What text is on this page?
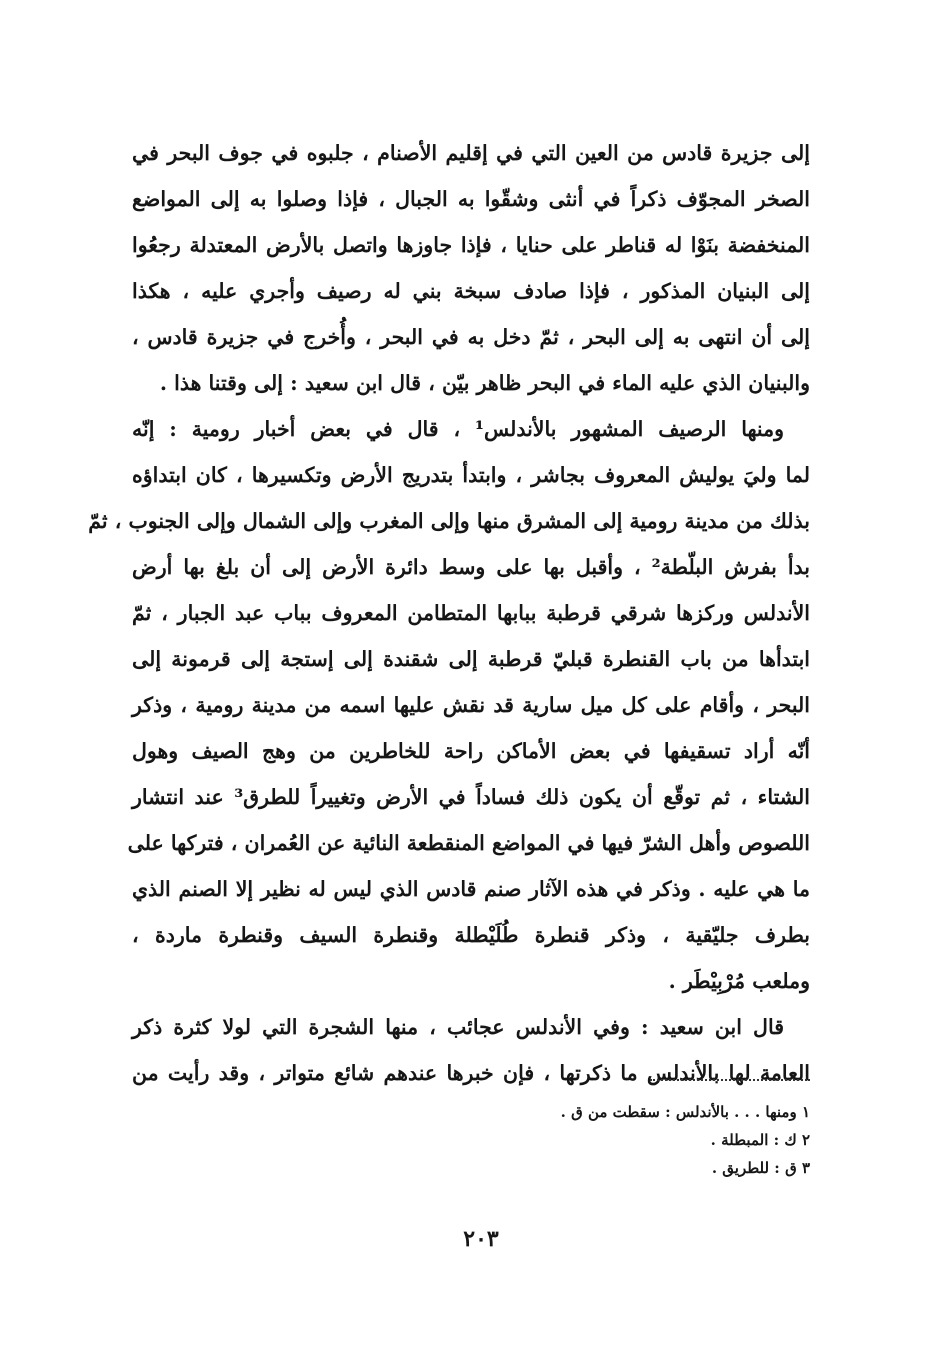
إلى جزيرة قادس من العين التي في إقليم الأصنام ، جلبوه في جوف البحر في
الصخر المجوّف ذكراً في أنثى وشقّوا به الجبال ، فإذا وصلوا به إلى المواضع
المنخفضة بنَوْا له قناطر على حنايا ، فإذا جاوزها واتصل بالأرض المعتدلة رجعُوا
إلى البنيان المذكور ، فإذا صادف سبخة بني له رصيف وأجري عليه ، هكذا
إلى أن انتهى به إلى البحر ، ثمّ دخل به في البحر ، وأُخرج في جزيرة قادس ،
والبنيان الذي عليه الماء في البحر ظاهر بيّن ، قال ابن سعيد : إلى وقتنا هذا .
ومنها الرصيف المشهور بالأندلس¹ ، قال في بعض أخبار رومية : إنّه
لما وليَ يوليش المعروف بجاشر ، وابتدأ بتدريج الأرض وتكسيرها ، كان ابتداؤه
بذلك من مدينة رومية إلى المشرق منها وإلى المغرب وإلى الشمال وإلى الجنوب ، ثمّ
بدأ بفرش البلّطة² ، وأقبل بها على وسط دائرة الأرض إلى أن بلغ بها أرض
الأندلس وركزها شرقي قرطبة ببابها المتطامن المعروف بباب عبد الجبار ، ثمّ
ابتدأها من باب القنطرة قبليّ قرطبة إلى شقندة إلى إستجة إلى قرمونة إلى
البحر ، وأقام على كل ميل سارية قد نقش عليها اسمه من مدينة رومية ، وذكر
أنّه أراد تسقيفها في بعض الأماكن راحة للخاطرين من وهج الصيف وهول
الشتاء ، ثم توقّع أن يكون ذلك فساداً في الأرض وتغييراً للطرق³ عند انتشار
اللصوص وأهل الشرّ فيها في المواضع المنقطعة النائية عن العُمران ، فتركها على
ما هي عليه . وذكر في هذه الآثار صنم قادس الذي ليس له نظير إلا الصنم الذي
بطرف جليّقية ، وذكر قنطرة طُلَيْطلة وقنطرة السيف وقنطرة ماردة ،
وملعب مُرْبِيْطَر .
قال ابن سعيد : وفي الأندلس عجائب ، منها الشجرة التي لولا كثرة ذكر
العامة لها بالأندلس ما ذكرتها ، فإن خبرها عندهم شائع متواتر ، وقد رأيت من
١ ومنها . . . بالأندلس : سقطت من ق .
٢ ك : المبطلة .
٣ ق : للطريق .
٢٠٣
